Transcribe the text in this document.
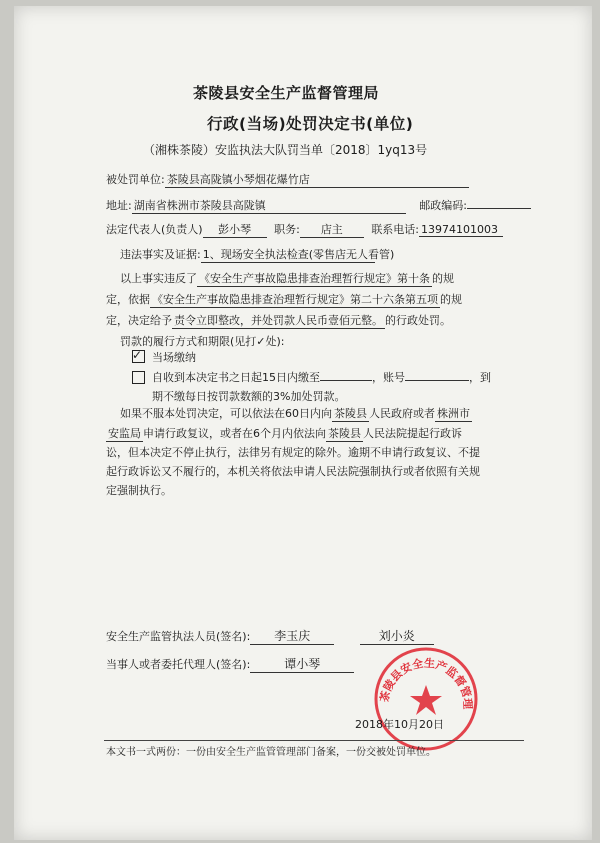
茶陵县安全生产监督管理局
行政(当场)处罚决定书(单位)
（湘株茶陵）安监执法大队罚当单〔2018〕1yq13号
被处罚单位: 茶陵县高陇镇小琴烟花爆竹店
地址: 湖南省株洲市茶陵县高陇镇	邮政编码:
法定代表人(负责人) 彭小琴 职务: 店主	联系电话: 13974101003
违法事实及证据: 1、现场安全执法检查(零售店无人看管)
以上事实违反了 《安全生产事故隐患排查治理暂行规定》第十条 的规
定，依据 《安全生产事故隐患排查治理暂行规定》第二十六条第五项 的规
定，决定给予 责令立即整改，并处罚款人民币壹佰元整。 的行政处罚。
罚款的履行方式和期限(见打✓处):
✓ 当场缴纳
自收到本决定书之日起15日内缴至	，账号	，到
期不缴每日按罚款数额的3%加处罚款。
如果不服本处罚决定，可以依法在60日内向 茶陵县 人民政府或者 株洲市
安监局 申请行政复议，或者在6个月内依法向 茶陵县 人民法院提起行政诉
讼，但本决定不停止执行，法律另有规定的除外。逾期不申请行政复议、不提
起行政诉讼又不履行的，本机关将依法申请人民法院强制执行或者依照有关规
定强制执行。
安全生产监管执法人员(签名): 李玉庆	刘小炎
当事人或者委托代理人(签名):	谭小琴
茶陵县安全生产监督管理
2018年10月20日
本文书一式两份：一份由安全生产监管管理部门备案，一份交被处罚单位。
